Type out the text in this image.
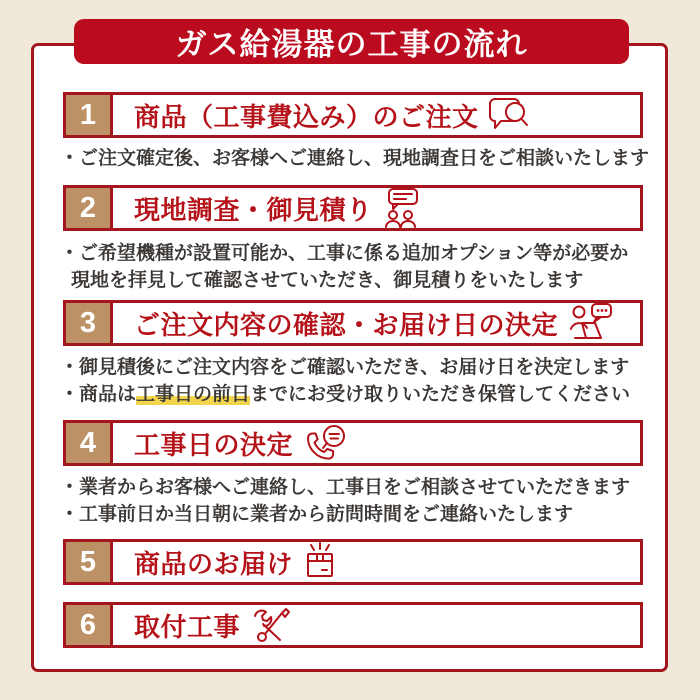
ガス給湯器の工事の流れ
1	商品（工事費込み）のご注文
・ご注文確定後、お客様へご連絡し、現地調査日をご相談いたします
2	現地調査・御見積り
・ご希望機種が設置可能か、工事に係る追加オプション等が必要か
現地を拝見して確認させていただき、御見積りをいたします
3	ご注文内容の確認・お届け日の決定
・御見積後にご注文内容をご確認いただき、お届け日を決定します
・商品は工事日の前日までにお受け取りいただき保管してください
4	工事日の決定
・業者からお客様へご連絡し、工事日をご相談させていただきます
・工事前日か当日朝に業者から訪問時間をご連絡いたします
5	商品のお届け
6	取付工事
